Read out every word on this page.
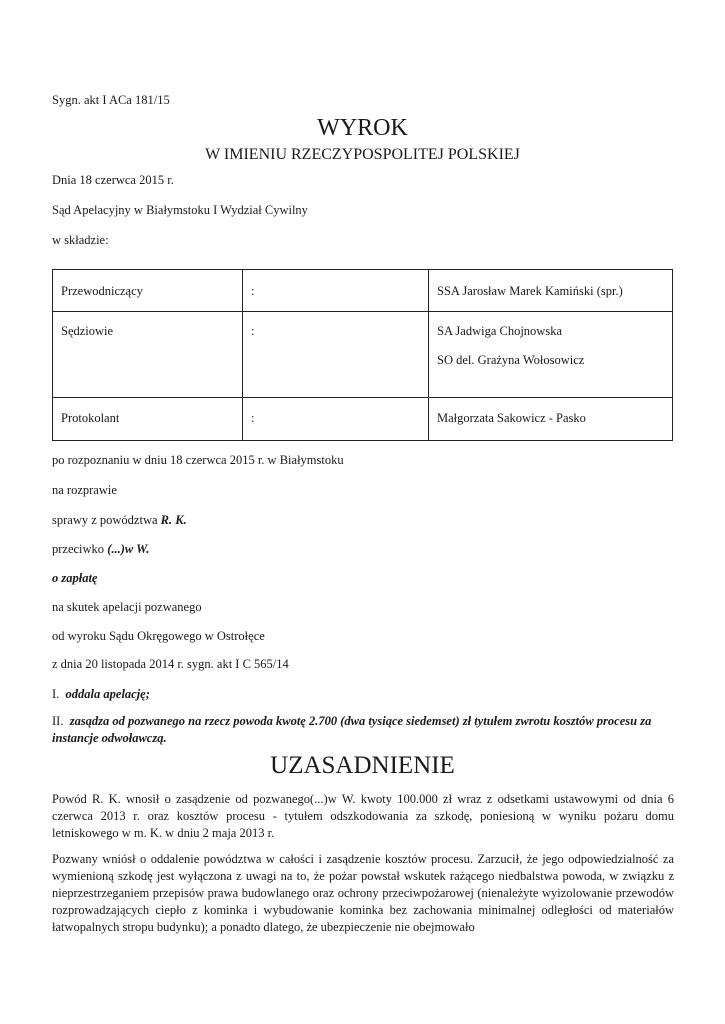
Sygn. akt I ACa 181/15
WYROK
W IMIENIU RZECZYPOSPOLITEJ POLSKIEJ
Dnia 18 czerwca 2015 r.
Sąd Apelacyjny w Białymstoku I Wydział Cywilny
w składzie:
Przewodniczący	:	SSA Jarosław Marek Kamiński (spr.)

Sędziowie	:	SA Jadwiga Chojnowska
SO del. Grażyna Wołosowicz

Protokolant	:	Małgorzata Sakowicz - Pasko
po rozpoznaniu w dniu 18 czerwca 2015 r. w Białymstoku
na rozprawie
sprawy z powództwa R. K.
przeciwko (...)w W.
o zapłatę
na skutek apelacji pozwanego
od wyroku Sądu Okręgowego w Ostrołęce
z dnia 20 listopada 2014 r. sygn. akt I C 565/14
I. oddala apelację;
II. zasądza od pozwanego na rzecz powoda kwotę 2.700 (dwa tysiące siedemset) zł tytułem zwrotu kosztów procesu za instancje odwoławczą.
UZASADNIENIE
Powód R. K. wnosił o zasądzenie od pozwanego(...)w W. kwoty 100.000 zł wraz z odsetkami ustawowymi od dnia 6 czerwca 2013 r. oraz kosztów procesu - tytułem odszkodowania za szkodę, poniesioną w wyniku pożaru domu letniskowego w m. K. w dniu 2 maja 2013 r.
Pozwany wniósł o oddalenie powództwa w całości i zasądzenie kosztów procesu. Zarzucił, że jego odpowiedzialność za wymienioną szkodę jest wyłączona z uwagi na to, że pożar powstał wskutek rażącego niedbalstwa powoda, w związku z nieprzestrzeganiem przepisów prawa budowlanego oraz ochrony przeciwpożarowej (nienależyte wyizolowanie przewodów rozprowadzających ciepło z kominka i wybudowanie kominka bez zachowania minimalnej odległości od materiałów łatwopalnych stropu budynku); a ponadto dlatego, że ubezpieczenie nie obejmowało
